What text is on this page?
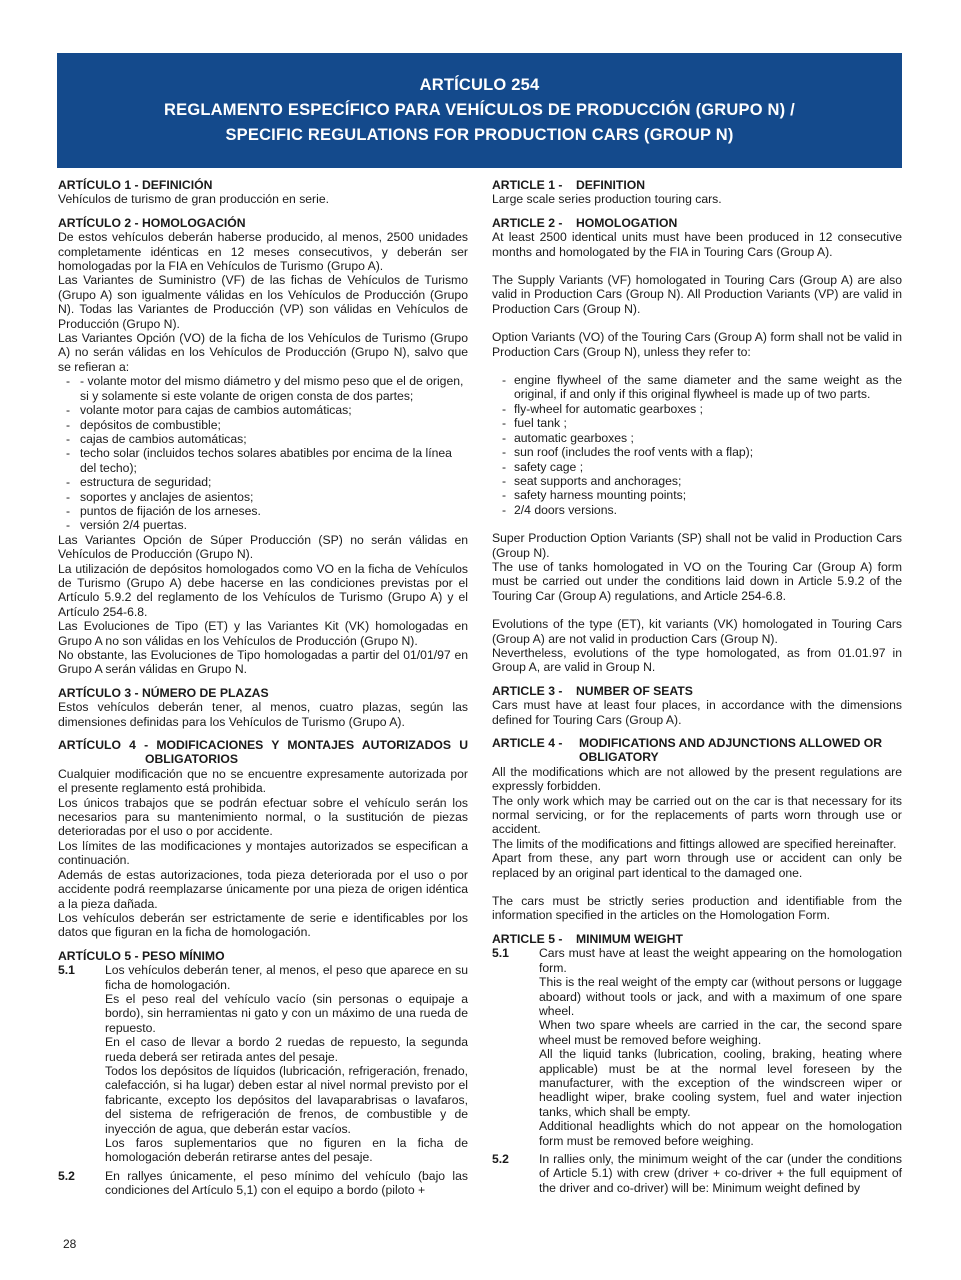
ARTÍCULO 254
REGLAMENTO ESPECÍFICO PARA VEHÍCULOS DE PRODUCCIÓN (GRUPO N) /
SPECIFIC REGULATIONS FOR PRODUCTION CARS (GROUP N)
ARTÍCULO 1 - DEFINICIÓN
Vehículos de turismo de gran producción en serie.
ARTÍCULO 2 - HOMOLOGACIÓN
De estos vehículos deberán haberse producido, al menos, 2500 unidades completamente idénticas en 12 meses consecutivos, y deberán ser homologadas por la FIA en Vehículos de Turismo (Grupo A).
Las Variantes de Suministro (VF) de las fichas de Vehículos de Turismo (Grupo A) son igualmente válidas en los Vehículos de Producción (Grupo N). Todas las Variantes de Producción (VP) son válidas en Vehículos de Producción (Grupo N).
Las Variantes Opción (VO) de la ficha de los Vehículos de Turismo (Grupo A) no serán válidas en los Vehículos de Producción (Grupo N), salvo que se refieran a:
- - volante motor del mismo diámetro y del mismo peso que el de origen, si y solamente si este volante de origen consta de dos partes;
- volante motor para cajas de cambios automáticas;
- depósitos de combustible;
- cajas de cambios automáticas;
- techo solar (incluidos techos solares abatibles por encima de la línea del techo);
- estructura de seguridad;
- soportes y anclajes de asientos;
- puntos de fijación de los arneses.
- versión 2/4 puertas.
Las Variantes Opción de Súper Producción (SP) no serán válidas en Vehículos de Producción (Grupo N).
La utilización de depósitos homologados como VO en la ficha de Vehículos de Turismo (Grupo A) debe hacerse en las condiciones previstas por el Artículo 5.9.2 del reglamento de los Vehículos de Turismo (Grupo A) y el Artículo 254-6.8.
Las Evoluciones de Tipo (ET) y las Variantes Kit (VK) homologadas en Grupo A no son válidas en los Vehículos de Producción (Grupo N).
No obstante, las Evoluciones de Tipo homologadas a partir del 01/01/97 en Grupo A serán válidas en Grupo N.
ARTÍCULO 3 - NÚMERO DE PLAZAS
Estos vehículos deberán tener, al menos, cuatro plazas, según las dimensiones definidas para los Vehículos de Turismo (Grupo A).
ARTÍCULO 4 - MODIFICACIONES Y MONTAJES AUTORIZADOS U OBLIGATORIOS
Cualquier modificación que no se encuentre expresamente autorizada por el presente reglamento está prohibida.
Los únicos trabajos que se podrán efectuar sobre el vehículo serán los necesarios para su mantenimiento normal, o la sustitución de piezas deterioradas por el uso o por accidente.
Los límites de las modificaciones y montajes autorizados se especifican a continuación.
Además de estas autorizaciones, toda pieza deteriorada por el uso o por accidente podrá reemplazarse únicamente por una pieza de origen idéntica a la pieza dañada.
Los vehículos deberán ser estrictamente de serie e identificables por los datos que figuran en la ficha de homologación.
ARTÍCULO 5 - PESO MÍNIMO
5.1	Los vehículos deberán tener, al menos, el peso que aparece en su ficha de homologación.
Es el peso real del vehículo vacío (sin personas o equipaje a bordo), sin herramientas ni gato y con un máximo de una rueda de repuesto.
En el caso de llevar a bordo 2 ruedas de repuesto, la segunda rueda deberá ser retirada antes del pesaje.
Todos los depósitos de líquidos (lubricación, refrigeración, frenado, calefacción, si ha lugar) deben estar al nivel normal previsto por el fabricante, excepto los depósitos del lavaparabrisas o lavafaros, del sistema de refrigeración de frenos, de combustible y de inyección de agua, que deberán estar vacíos.
Los faros suplementarios que no figuren en la ficha de homologación deberán retirarse antes del pesaje.
5.2	En rallyes únicamente, el peso mínimo del vehículo (bajo las condiciones del Artículo 5,1) con el equipo a bordo (piloto +
ARTICLE 1 -    DEFINITION
Large scale series production touring cars.
ARTICLE 2 -    HOMOLOGATION
At least 2500 identical units must have been produced in 12 consecutive months and homologated by the FIA in Touring Cars (Group A).
The Supply Variants (VF) homologated in Touring Cars (Group A) are also valid in Production Cars (Group N). All Production Variants (VP) are valid in Production Cars (Group N).
Option Variants (VO) of the Touring Cars (Group A) form shall not be valid in Production Cars (Group N), unless they refer to:
- engine flywheel of the same diameter and the same weight as the original, if and only if this original flywheel is made up of two parts.
- fly-wheel for automatic gearboxes ;
- fuel tank ;
- automatic gearboxes ;
- sun roof (includes the roof vents with a flap);
- safety cage ;
- seat supports and anchorages;
- safety harness mounting points;
- 2/4 doors versions.
Super Production Option Variants (SP) shall not be valid in Production Cars (Group N).
The use of tanks homologated in VO on the Touring Car (Group A) form must be carried out under the conditions laid down in Article 5.9.2 of the Touring Car (Group A) regulations, and Article 254-6.8.
Evolutions of the type (ET), kit variants (VK) homologated in Touring Cars (Group A) are not valid in production Cars (Group N).
Nevertheless, evolutions of the type homologated, as from 01.01.97 in Group A, are valid in Group N.
ARTICLE 3 -    NUMBER OF SEATS
Cars must have at least four places, in accordance with the dimensions defined for Touring Cars (Group A).
ARTICLE 4 -	MODIFICATIONS AND ADJUNCTIONS ALLOWED OR OBLIGATORY
All the modifications which are not allowed by the present regulations are expressly forbidden.
The only work which may be carried out on the car is that necessary for its normal servicing, or for the replacements of parts worn through use or accident.
The limits of the modifications and fittings allowed are specified hereinafter.
Apart from these, any part worn through use or accident can only be replaced by an original part identical to the damaged one.
The cars must be strictly series production and identifiable from the information specified in the articles on the Homologation Form.
ARTICLE 5 -    MINIMUM WEIGHT
5.1	Cars must have at least the weight appearing on the homologation form.
This is the real weight of the empty car (without persons or luggage aboard) without tools or jack, and with a maximum of one spare wheel.
When two spare wheels are carried in the car, the second spare wheel must be removed before weighing.
All the liquid tanks (lubrication, cooling, braking, heating where applicable) must be at the normal level foreseen by the manufacturer, with the exception of the windscreen wiper or headlight wiper, brake cooling system, fuel and water injection tanks, which shall be empty.
Additional headlights which do not appear on the homologation form must be removed before weighing.
5.2	In rallies only, the minimum weight of the car (under the conditions of Article 5.1) with crew (driver + co-driver + the full equipment of the driver and co-driver) will be: Minimum weight defined by
28
